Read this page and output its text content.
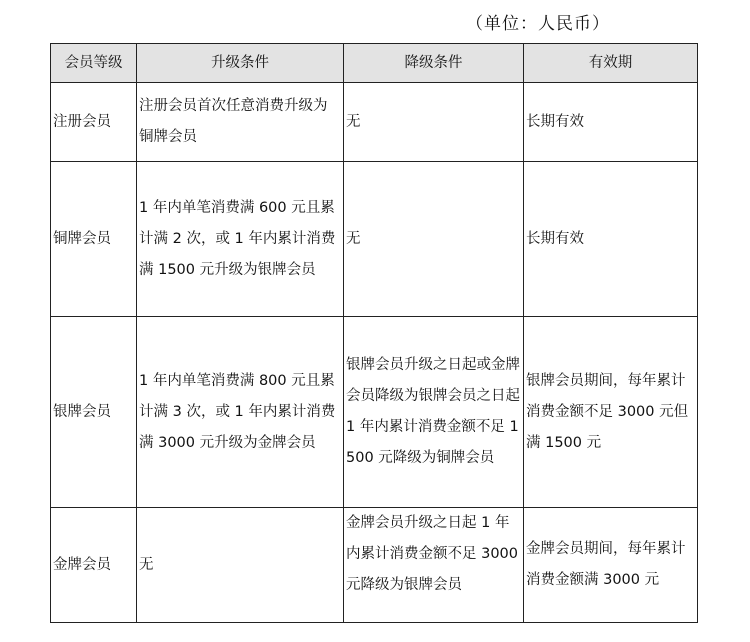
（单位：人民币）
会员等级	升级条件	降级条件	有效期
注册会员	注册会员首次任意消费升级为铜牌会员	无	长期有效
铜牌会员	1 年内单笔消费满 600 元且累计满 2 次，或 1 年内累计消费满 1500 元升级为银牌会员	无	长期有效
银牌会员	1 年内单笔消费满 800 元且累计满 3 次，或 1 年内累计消费满 3000 元升级为金牌会员	银牌会员升级之日起或金牌会员降级为银牌会员之日起 1 年内累计消费金额不足 1500 元降级为铜牌会员	银牌会员期间，每年累计消费金额不足 3000 元但满 1500 元
金牌会员	无	金牌会员升级之日起 1 年内累计消费金额不足 3000 元降级为银牌会员	金牌会员期间，每年累计消费金额满 3000 元
